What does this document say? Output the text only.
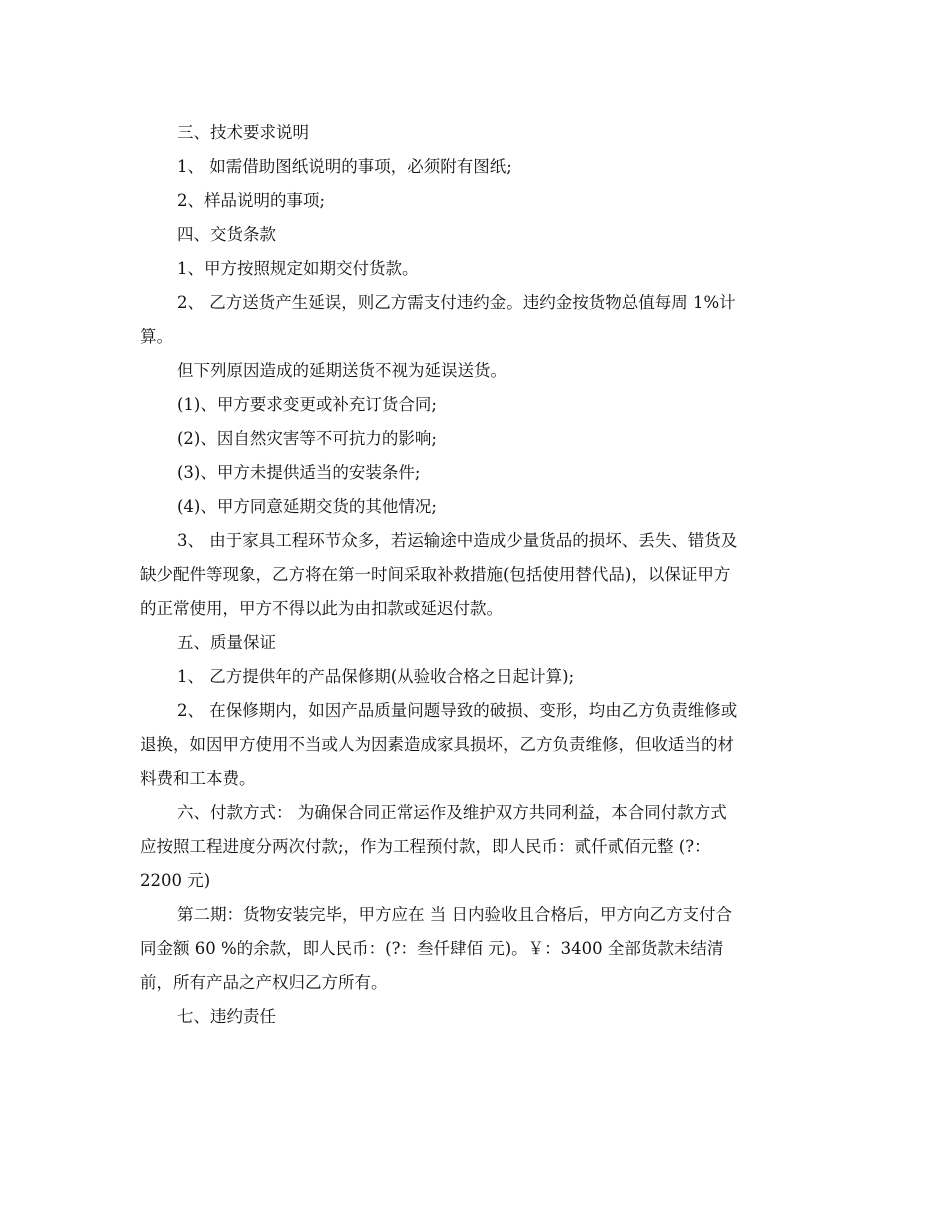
三、技术要求说明
1、 如需借助图纸说明的事项，必须附有图纸;
2、样品说明的事项;
四、交货条款
1、甲方按照规定如期交付货款。
2、 乙方送货产生延误，则乙方需支付违约金。违约金按货物总值每周 1%计
算。
但下列原因造成的延期送货不视为延误送货。
(1)、甲方要求变更或补充订货合同;
(2)、因自然灾害等不可抗力的影响;
(3)、甲方未提供适当的安装条件;
(4)、甲方同意延期交货的其他情况;
3、 由于家具工程环节众多，若运输途中造成少量货品的损坏、丢失、错货及
缺少配件等现象，乙方将在第一时间采取补救措施(包括使用替代品)，以保证甲方
的正常使用，甲方不得以此为由扣款或延迟付款。
五、质量保证
1、 乙方提供年的产品保修期(从验收合格之日起计算);
2、 在保修期内，如因产品质量问题导致的破损、变形，均由乙方负责维修或
退换，如因甲方使用不当或人为因素造成家具损坏，乙方负责维修，但收适当的材
料费和工本费。
六、付款方式： 为确保合同正常运作及维护双方共同利益，本合同付款方式
应按照工程进度分两次付款;，作为工程预付款，即人民币：贰仟贰佰元整 (?：
2200 元)
第二期：货物安装完毕，甲方应在 当 日内验收且合格后，甲方向乙方支付合
同金额 60 %的余款，即人民币：(?：叁仟肆佰 元)。￥：3400 全部货款未结清
前，所有产品之产权归乙方所有。
七、违约责任
